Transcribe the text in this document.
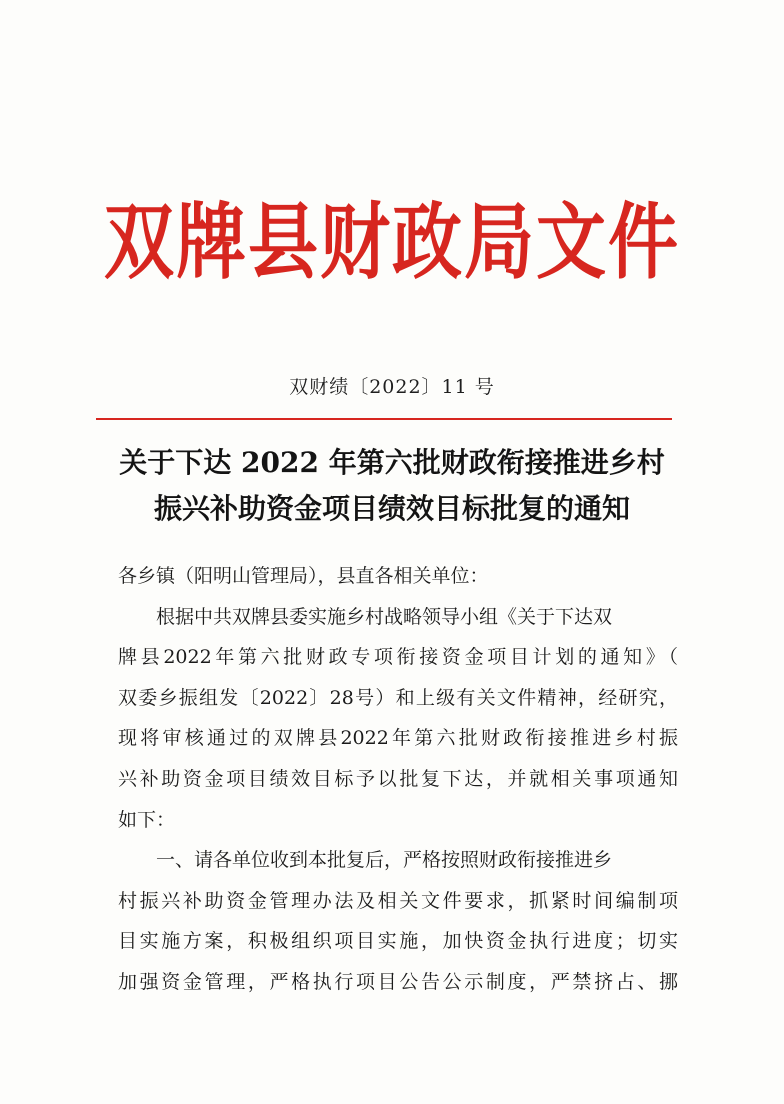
双牌县财政局文件
双财绩〔2022〕11 号
关于下达 2022 年第六批财政衔接推进乡村
振兴补助资金项目绩效目标批复的通知
各乡镇（阳明山管理局），县直各相关单位：
根据中共双牌县委实施乡村战略领导小组《关于下达双
牌县2022年第六批财政专项衔接资金项目计划的通知》（
双委乡振组发〔2022〕28号）和上级有关文件精神，经研究，
现将审核通过的双牌县2022年第六批财政衔接推进乡村振
兴补助资金项目绩效目标予以批复下达，并就相关事项通知
如下：
一、请各单位收到本批复后，严格按照财政衔接推进乡
村振兴补助资金管理办法及相关文件要求，抓紧时间编制项
目实施方案，积极组织项目实施，加快资金执行进度；切实
加强资金管理，严格执行项目公告公示制度，严禁挤占、挪
